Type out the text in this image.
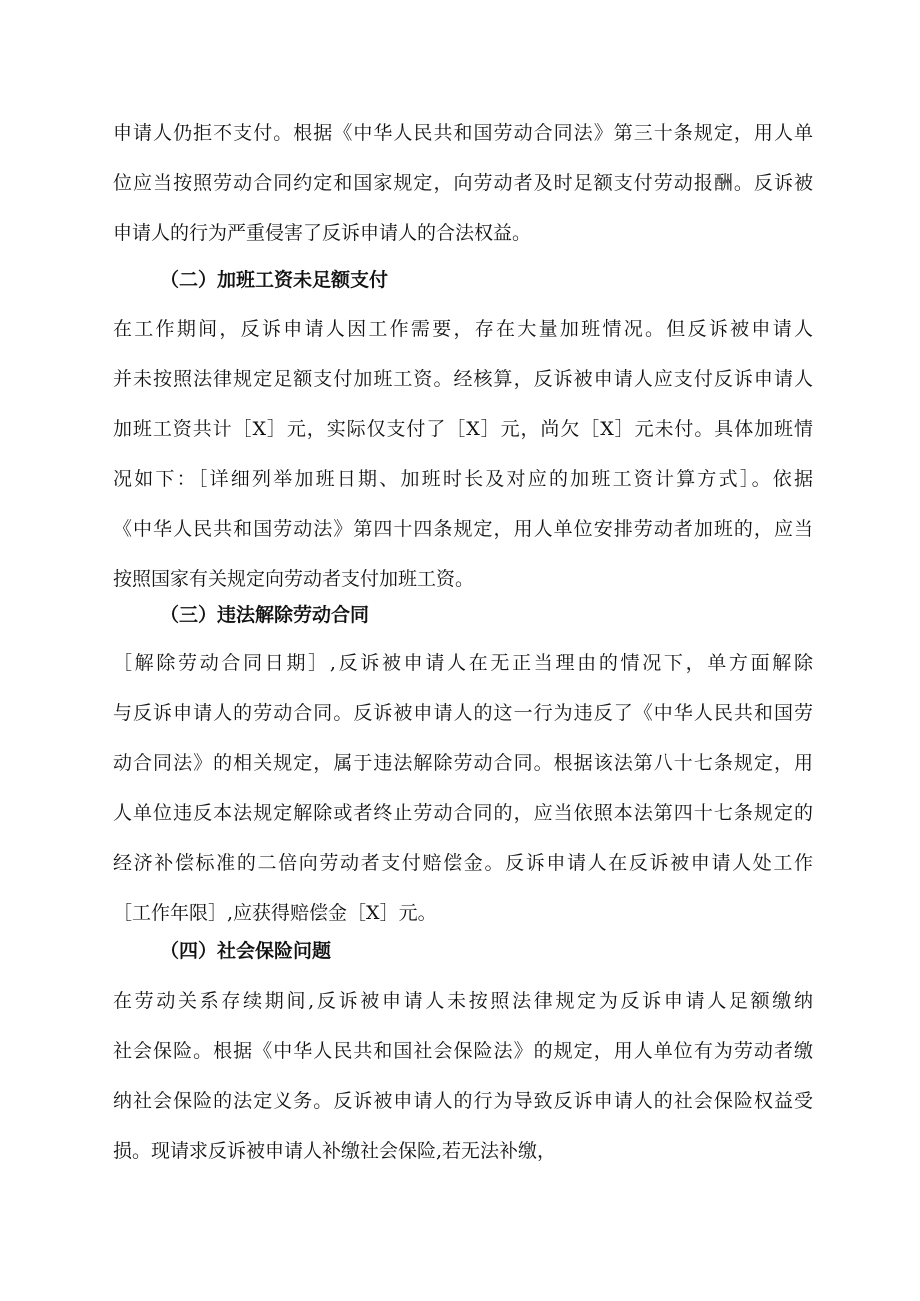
申请人仍拒不支付。根据《中华人民共和国劳动合同法》第三十条规定，用人单
位应当按照劳动合同约定和国家规定，向劳动者及时足额支付劳动报酬。反诉被
申请人的行为严重侵害了反诉申请人的合法权益。
（二）加班工资未足额支付
在工作期间，反诉申请人因工作需要，存在大量加班情况。但反诉被申请人
并未按照法律规定足额支付加班工资。经核算，反诉被申请人应支付反诉申请人
加班工资共计［X］元，实际仅支付了［X］元，尚欠［X］元未付。具体加班情
况如下：［详细列举加班日期、加班时长及对应的加班工资计算方式］。依据
《中华人民共和国劳动法》第四十四条规定，用人单位安排劳动者加班的，应当
按照国家有关规定向劳动者支付加班工资。
（三）违法解除劳动合同
［解除劳动合同日期］,反诉被申请人在无正当理由的情况下，单方面解除
与反诉申请人的劳动合同。反诉被申请人的这一行为违反了《中华人民共和国劳
动合同法》的相关规定，属于违法解除劳动合同。根据该法第八十七条规定，用
人单位违反本法规定解除或者终止劳动合同的，应当依照本法第四十七条规定的
经济补偿标准的二倍向劳动者支付赔偿金。反诉申请人在反诉被申请人处工作
［工作年限］,应获得赔偿金［X］元。
（四）社会保险问题
在劳动关系存续期间,反诉被申请人未按照法律规定为反诉申请人足额缴纳
社会保险。根据《中华人民共和国社会保险法》的规定，用人单位有为劳动者缴
纳社会保险的法定义务。反诉被申请人的行为导致反诉申请人的社会保险权益受
损。现请求反诉被申请人补缴社会保险,若无法补缴，
